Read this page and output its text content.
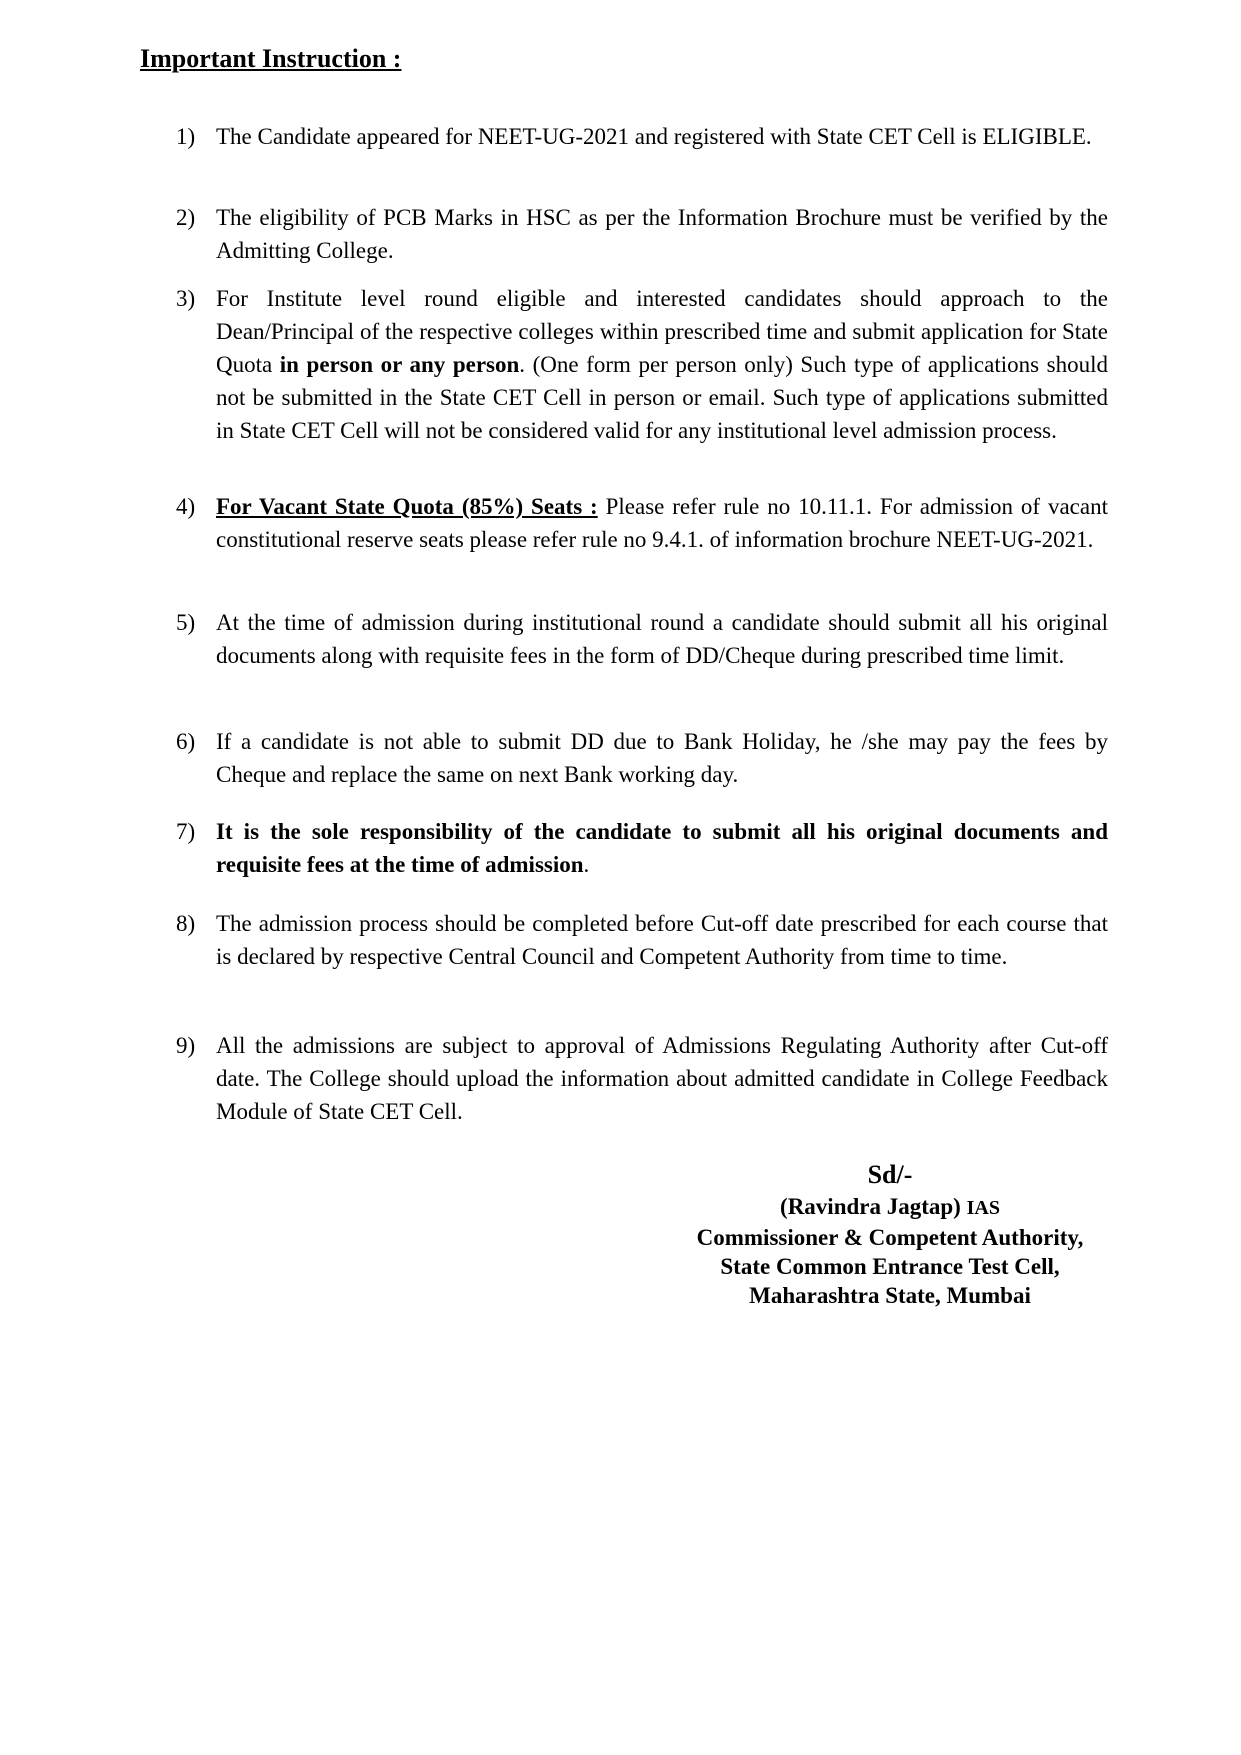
Important Instruction :
1) The Candidate appeared for NEET-UG-2021 and registered with State CET Cell is ELIGIBLE.
2) The eligibility of PCB Marks in HSC as per the Information Brochure must be verified by the Admitting College.
3) For Institute level round eligible and interested candidates should approach to the Dean/Principal of the respective colleges within prescribed time and submit application for State Quota in person or any person. (One form per person only) Such type of applications should not be submitted in the State CET Cell in person or email. Such type of applications submitted in State CET Cell will not be considered valid for any institutional level admission process.
4) For Vacant State Quota (85%) Seats : Please refer rule no 10.11.1. For admission of vacant constitutional reserve seats please refer rule no 9.4.1. of information brochure NEET-UG-2021.
5) At the time of admission during institutional round a candidate should submit all his original documents along with requisite fees in the form of DD/Cheque during prescribed time limit.
6) If a candidate is not able to submit DD due to Bank Holiday, he /she may pay the fees by Cheque and replace the same on next Bank working day.
7) It is the sole responsibility of the candidate to submit all his original documents and requisite fees at the time of admission.
8) The admission process should be completed before Cut-off date prescribed for each course that is declared by respective Central Council and Competent Authority from time to time.
9) All the admissions are subject to approval of Admissions Regulating Authority after Cut-off date. The College should upload the information about admitted candidate in College Feedback Module of State CET Cell.
Sd/-
(Ravindra Jagtap) IAS
Commissioner & Competent Authority,
State Common Entrance Test Cell,
Maharashtra State, Mumbai
